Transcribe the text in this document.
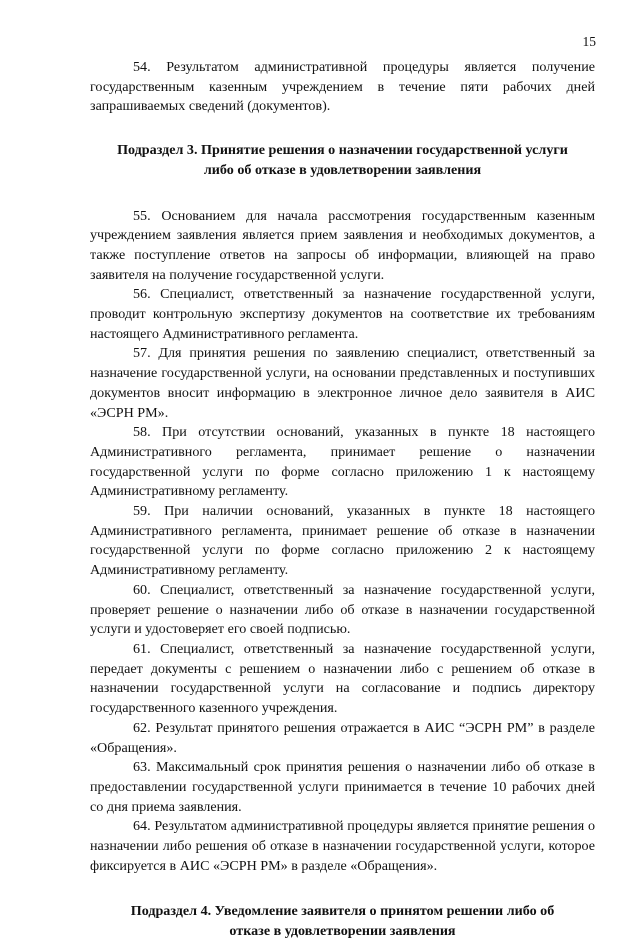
15

54. Результатом административной процедуры является получение государственным казенным учреждением в течение пяти рабочих дней запрашиваемых сведений (документов).

Подраздел 3. Принятие решения о назначении государственной услуги
либо об отказе в удовлетворении заявления

55. Основанием для начала рассмотрения государственным казенным учреждением заявления является прием заявления и необходимых документов, а также поступление ответов на запросы об информации, влияющей на право заявителя на получение государственной услуги.

56. Специалист, ответственный за назначение государственной услуги, проводит контрольную экспертизу документов на соответствие их требованиям настоящего Административного регламента.

57. Для принятия решения по заявлению специалист, ответственный за назначение государственной услуги, на основании представленных и поступивших документов вносит информацию в электронное личное дело заявителя в АИС «ЭСРН РМ».

58. При отсутствии оснований, указанных в пункте 18 настоящего Административного регламента, принимает решение о назначении государственной услуги по форме согласно приложению 1 к настоящему Административному регламенту.

59. При наличии оснований, указанных в пункте 18 настоящего Административного регламента, принимает решение об отказе в назначении государственной услуги по форме согласно приложению 2 к настоящему Административному регламенту.

60. Специалист, ответственный за назначение государственной услуги, проверяет решение о назначении либо об отказе в назначении государственной услуги и удостоверяет его своей подписью.

61. Специалист, ответственный за назначение государственной услуги, передает документы с решением о назначении либо с решением об отказе в назначении государственной услуги на согласование и подпись директору государственного казенного учреждения.

62. Результат принятого решения отражается в АИС “ЭСРН РМ” в разделе «Обращения».

63. Максимальный срок принятия решения о назначении либо об отказе в предоставлении государственной услуги принимается в течение 10 рабочих дней со дня приема заявления.

64. Результатом административной процедуры является принятие решения о назначении либо решения об отказе в назначении государственной услуги, которое фиксируется в АИС «ЭСРН РМ» в разделе «Обращения».

Подраздел 4. Уведомление заявителя о принятом решении либо об
отказе в удовлетворении заявления
